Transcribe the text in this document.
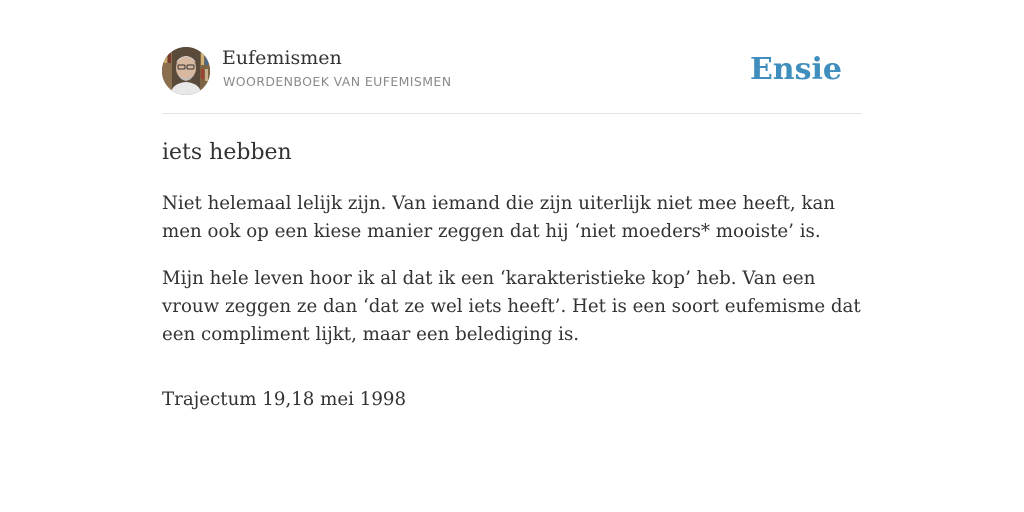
Eufemismen
WOORDENBOEK VAN EUFEMISMEN	Ensie
iets hebben

Niet helemaal lelijk zijn. Van iemand die zijn uiterlijk niet mee heeft, kan men ook op een kiese manier zeggen dat hij ‘niet moeders* mooiste’ is.

Mijn hele leven hoor ik al dat ik een ‘karakteristieke kop’ heb. Van een vrouw zeggen ze dan ‘dat ze wel iets heeft’. Het is een soort eufemisme dat een compliment lijkt, maar een belediging is.

Trajectum 19,18 mei 1998
